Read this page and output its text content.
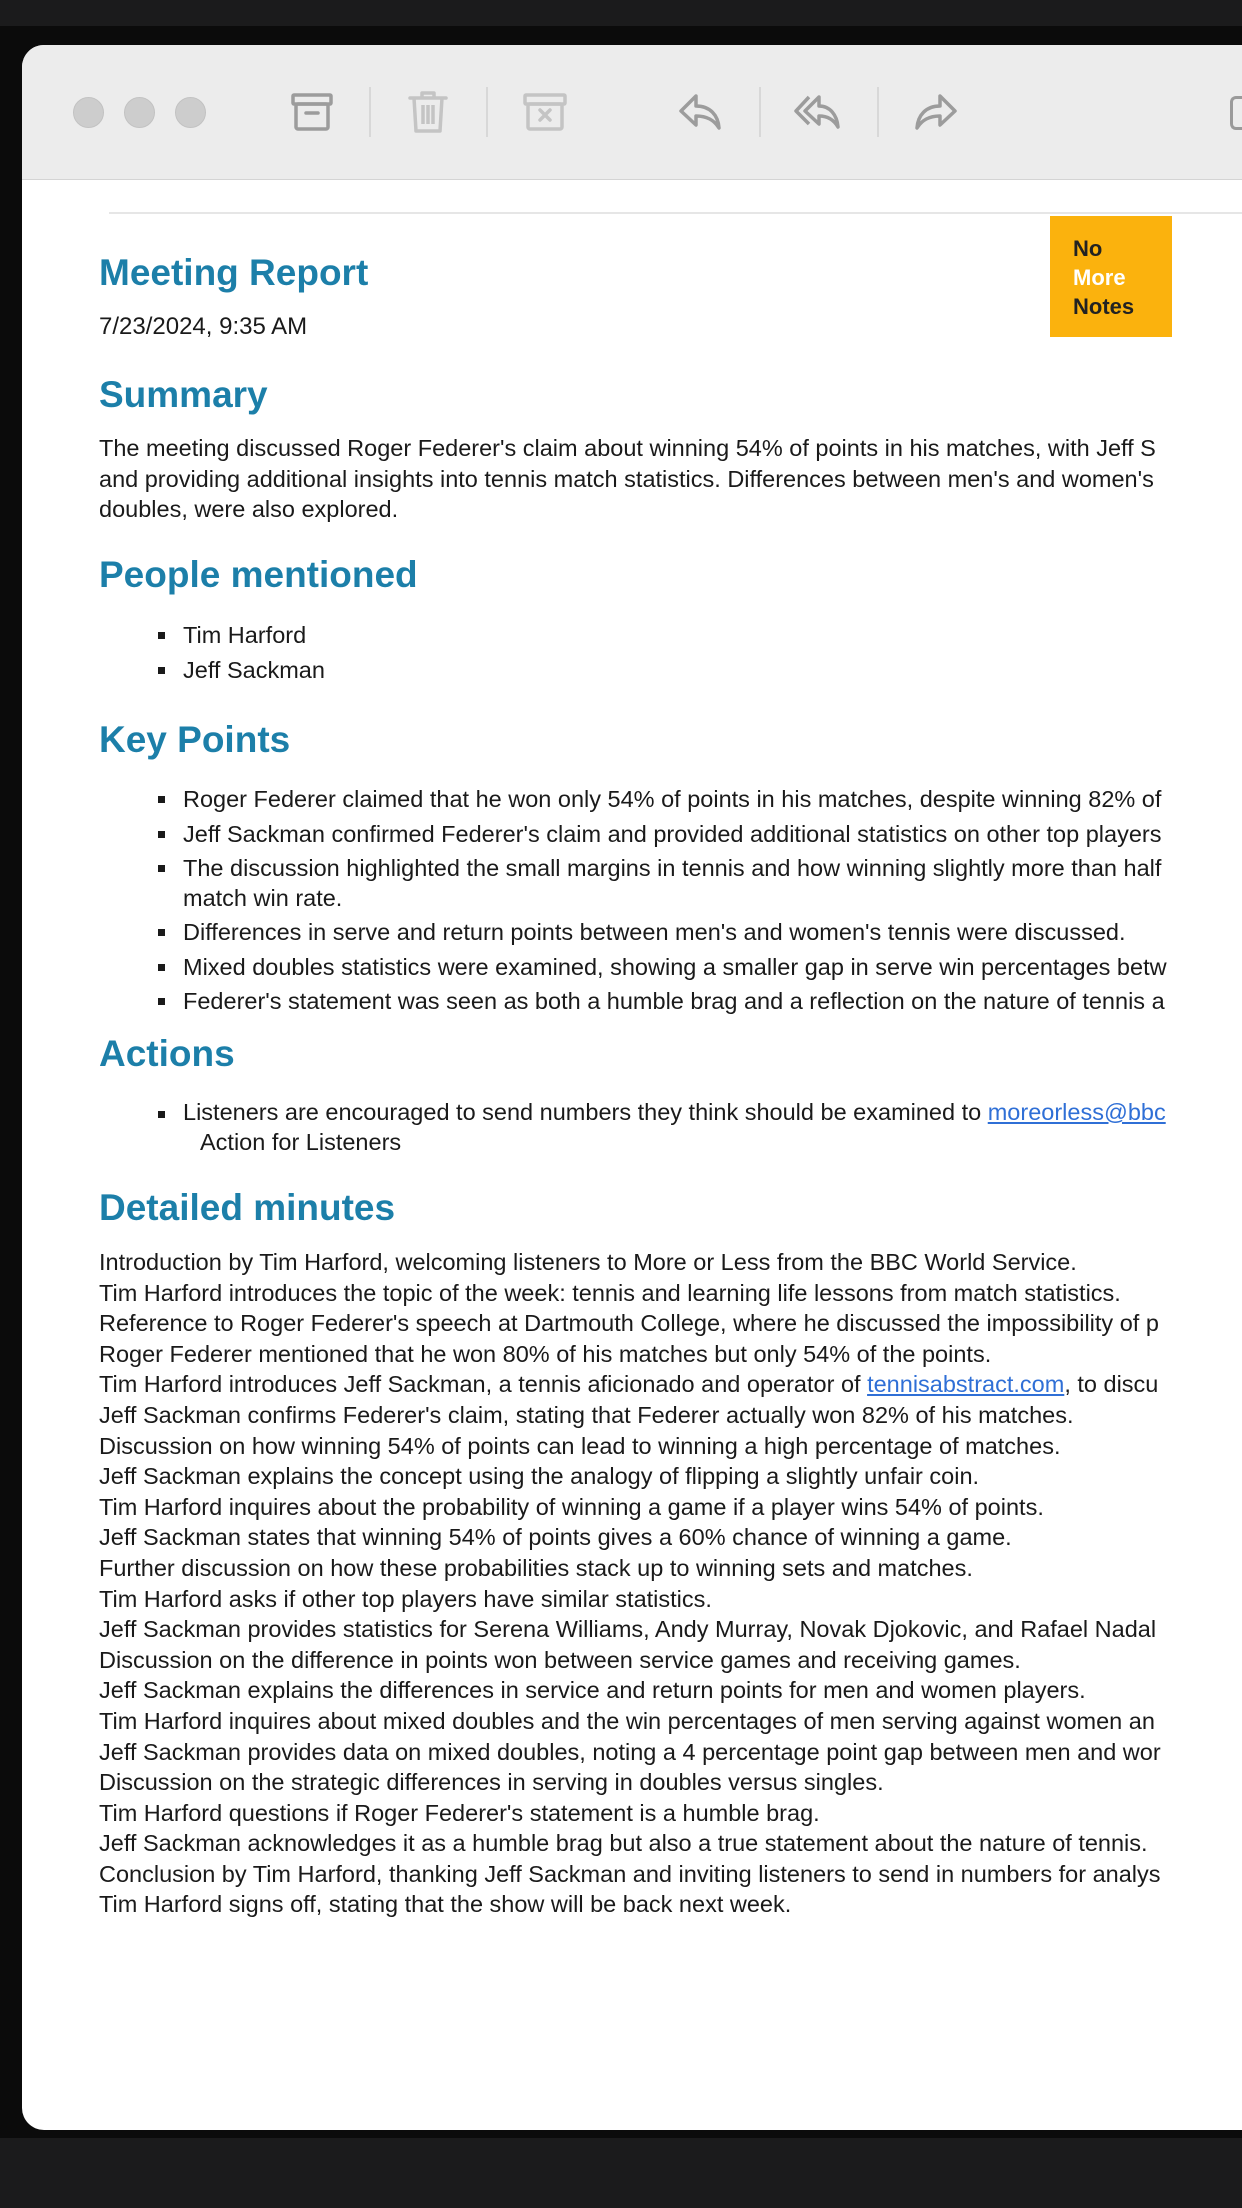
No
More
Notes
Meeting Report
7/23/2024, 9:35 AM
Summary
The meeting discussed Roger Federer's claim about winning 54% of points in his matches, with Jeff S
and providing additional insights into tennis match statistics. Differences between men's and women's
doubles, were also explored.
People mentioned
Tim Harford
Jeff Sackman
Key Points
Roger Federer claimed that he won only 54% of points in his matches, despite winning 82% of
Jeff Sackman confirmed Federer's claim and provided additional statistics on other top players
The discussion highlighted the small margins in tennis and how winning slightly more than half
match win rate.
Differences in serve and return points between men's and women's tennis were discussed.
Mixed doubles statistics were examined, showing a smaller gap in serve win percentages betw
Federer's statement was seen as both a humble brag and a reflection on the nature of tennis a
Actions
Listeners are encouraged to send numbers they think should be examined to moreorless@bbc
Action for Listeners
Detailed minutes
Introduction by Tim Harford, welcoming listeners to More or Less from the BBC World Service.
Tim Harford introduces the topic of the week: tennis and learning life lessons from match statistics.
Reference to Roger Federer's speech at Dartmouth College, where he discussed the impossibility of p
Roger Federer mentioned that he won 80% of his matches but only 54% of the points.
Tim Harford introduces Jeff Sackman, a tennis aficionado and operator of tennisabstract.com, to discu
Jeff Sackman confirms Federer's claim, stating that Federer actually won 82% of his matches.
Discussion on how winning 54% of points can lead to winning a high percentage of matches.
Jeff Sackman explains the concept using the analogy of flipping a slightly unfair coin.
Tim Harford inquires about the probability of winning a game if a player wins 54% of points.
Jeff Sackman states that winning 54% of points gives a 60% chance of winning a game.
Further discussion on how these probabilities stack up to winning sets and matches.
Tim Harford asks if other top players have similar statistics.
Jeff Sackman provides statistics for Serena Williams, Andy Murray, Novak Djokovic, and Rafael Nadal
Discussion on the difference in points won between service games and receiving games.
Jeff Sackman explains the differences in service and return points for men and women players.
Tim Harford inquires about mixed doubles and the win percentages of men serving against women an
Jeff Sackman provides data on mixed doubles, noting a 4 percentage point gap between men and wor
Discussion on the strategic differences in serving in doubles versus singles.
Tim Harford questions if Roger Federer's statement is a humble brag.
Jeff Sackman acknowledges it as a humble brag but also a true statement about the nature of tennis.
Conclusion by Tim Harford, thanking Jeff Sackman and inviting listeners to send in numbers for analys
Tim Harford signs off, stating that the show will be back next week.
